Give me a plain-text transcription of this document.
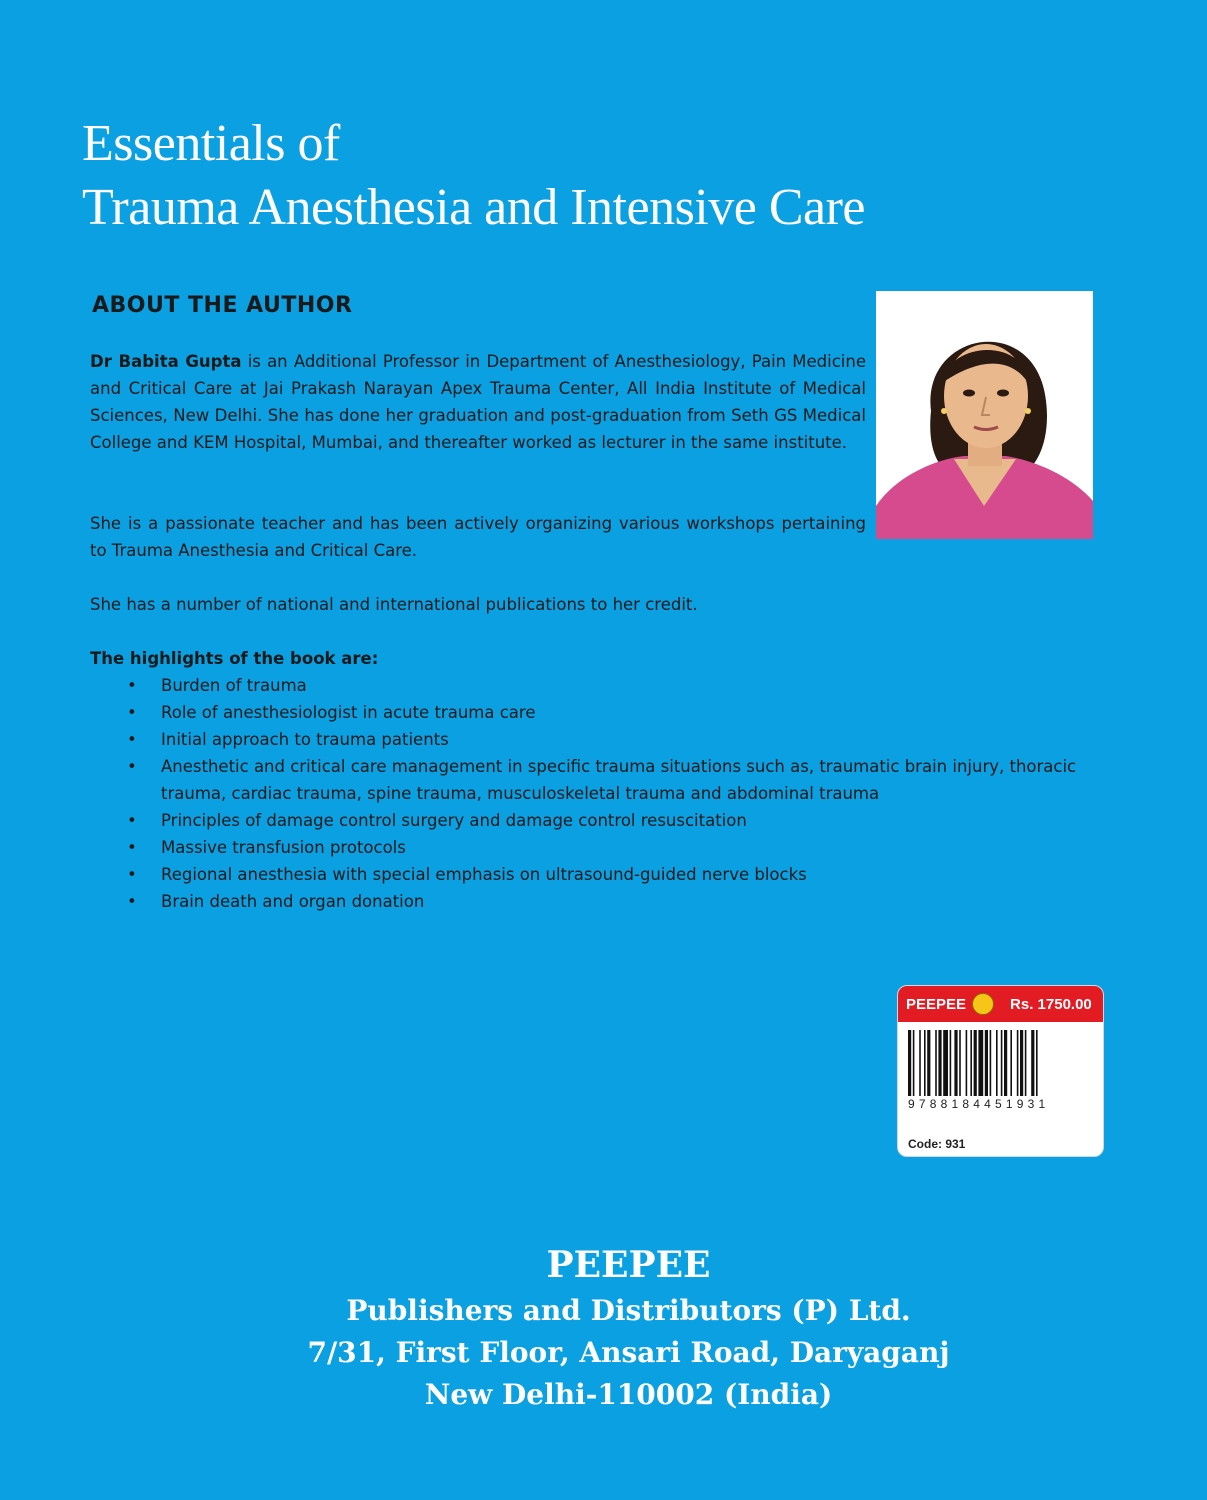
Essentials of
Trauma Anesthesia and Intensive Care
ABOUT THE AUTHOR
Dr Babita Gupta is an Additional Professor in Department of Anesthesiology, Pain Medicine and Critical Care at Jai Prakash Narayan Apex Trauma Center, All India Institute of Medical Sciences, New Delhi. She has done her graduation and post-graduation from Seth GS Medical College and KEM Hospital, Mumbai, and thereafter worked as lecturer in the same institute.
She is a passionate teacher and has been actively organizing various workshops pertaining to Trauma Anesthesia and Critical Care.
She has a number of national and international publications to her credit.
The highlights of the book are:
• Burden of trauma
• Role of anesthesiologist in acute trauma care
• Initial approach to trauma patients
• Anesthetic and critical care management in specific trauma situations such as, traumatic brain injury, thoracic trauma, cardiac trauma, spine trauma, musculoskeletal trauma and abdominal trauma
• Principles of damage control surgery and damage control resuscitation
• Massive transfusion protocols
• Regional anesthesia with special emphasis on ultrasound-guided nerve blocks
• Brain death and organ donation
PEEPEE	Rs. 1750.00
9788184451931
Code: 931
PEEPEE
Publishers and Distributors (P) Ltd.
7/31, First Floor, Ansari Road, Daryaganj
New Delhi-110002 (India)
